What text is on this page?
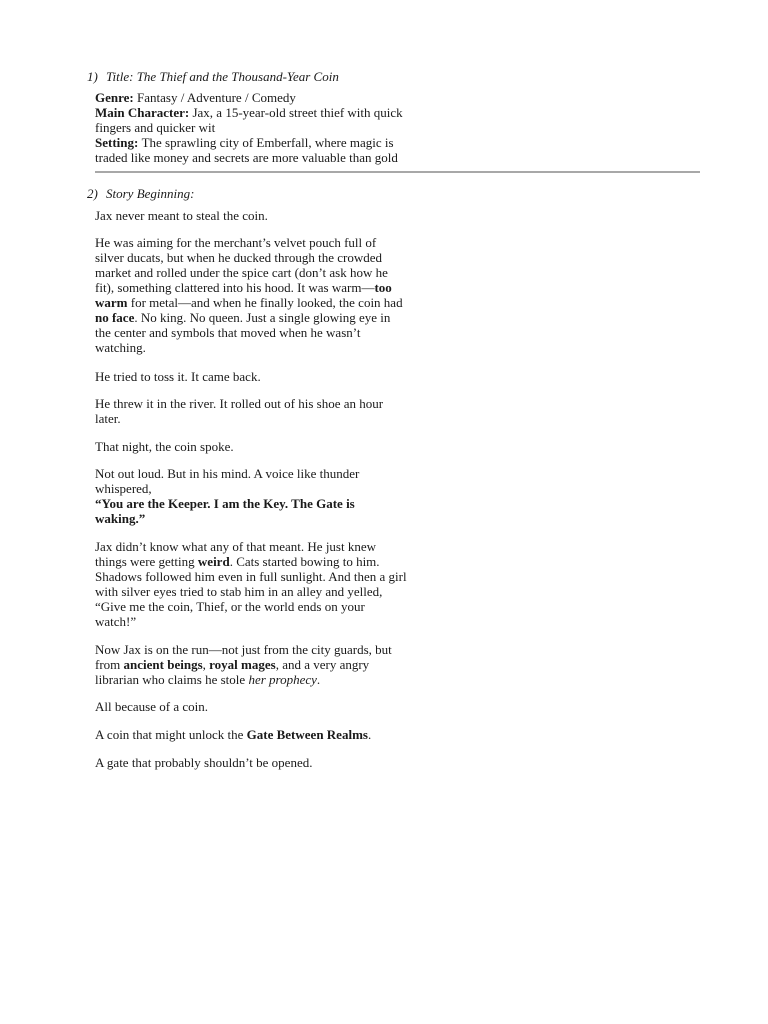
1) Title: The Thief and the Thousand-Year Coin
Genre: Fantasy / Adventure / Comedy
Main Character: Jax, a 15-year-old street thief with quick
fingers and quicker wit
Setting: The sprawling city of Emberfall, where magic is
traded like money and secrets are more valuable than gold
2) Story Beginning:
Jax never meant to steal the coin.
He was aiming for the merchant’s velvet pouch full of
silver ducats, but when he ducked through the crowded
market and rolled under the spice cart (don’t ask how he
fit), something clattered into his hood. It was warm—too
warm for metal—and when he finally looked, the coin had
no face. No king. No queen. Just a single glowing eye in
the center and symbols that moved when he wasn’t
watching.
He tried to toss it. It came back.
He threw it in the river. It rolled out of his shoe an hour
later.
That night, the coin spoke.
Not out loud. But in his mind. A voice like thunder
whispered,
“You are the Keeper. I am the Key. The Gate is
waking.”
Jax didn’t know what any of that meant. He just knew
things were getting weird. Cats started bowing to him.
Shadows followed him even in full sunlight. And then a girl
with silver eyes tried to stab him in an alley and yelled,
“Give me the coin, Thief, or the world ends on your
watch!”
Now Jax is on the run—not just from the city guards, but
from ancient beings, royal mages, and a very angry
librarian who claims he stole her prophecy.
All because of a coin.
A coin that might unlock the Gate Between Realms.
A gate that probably shouldn’t be opened.
